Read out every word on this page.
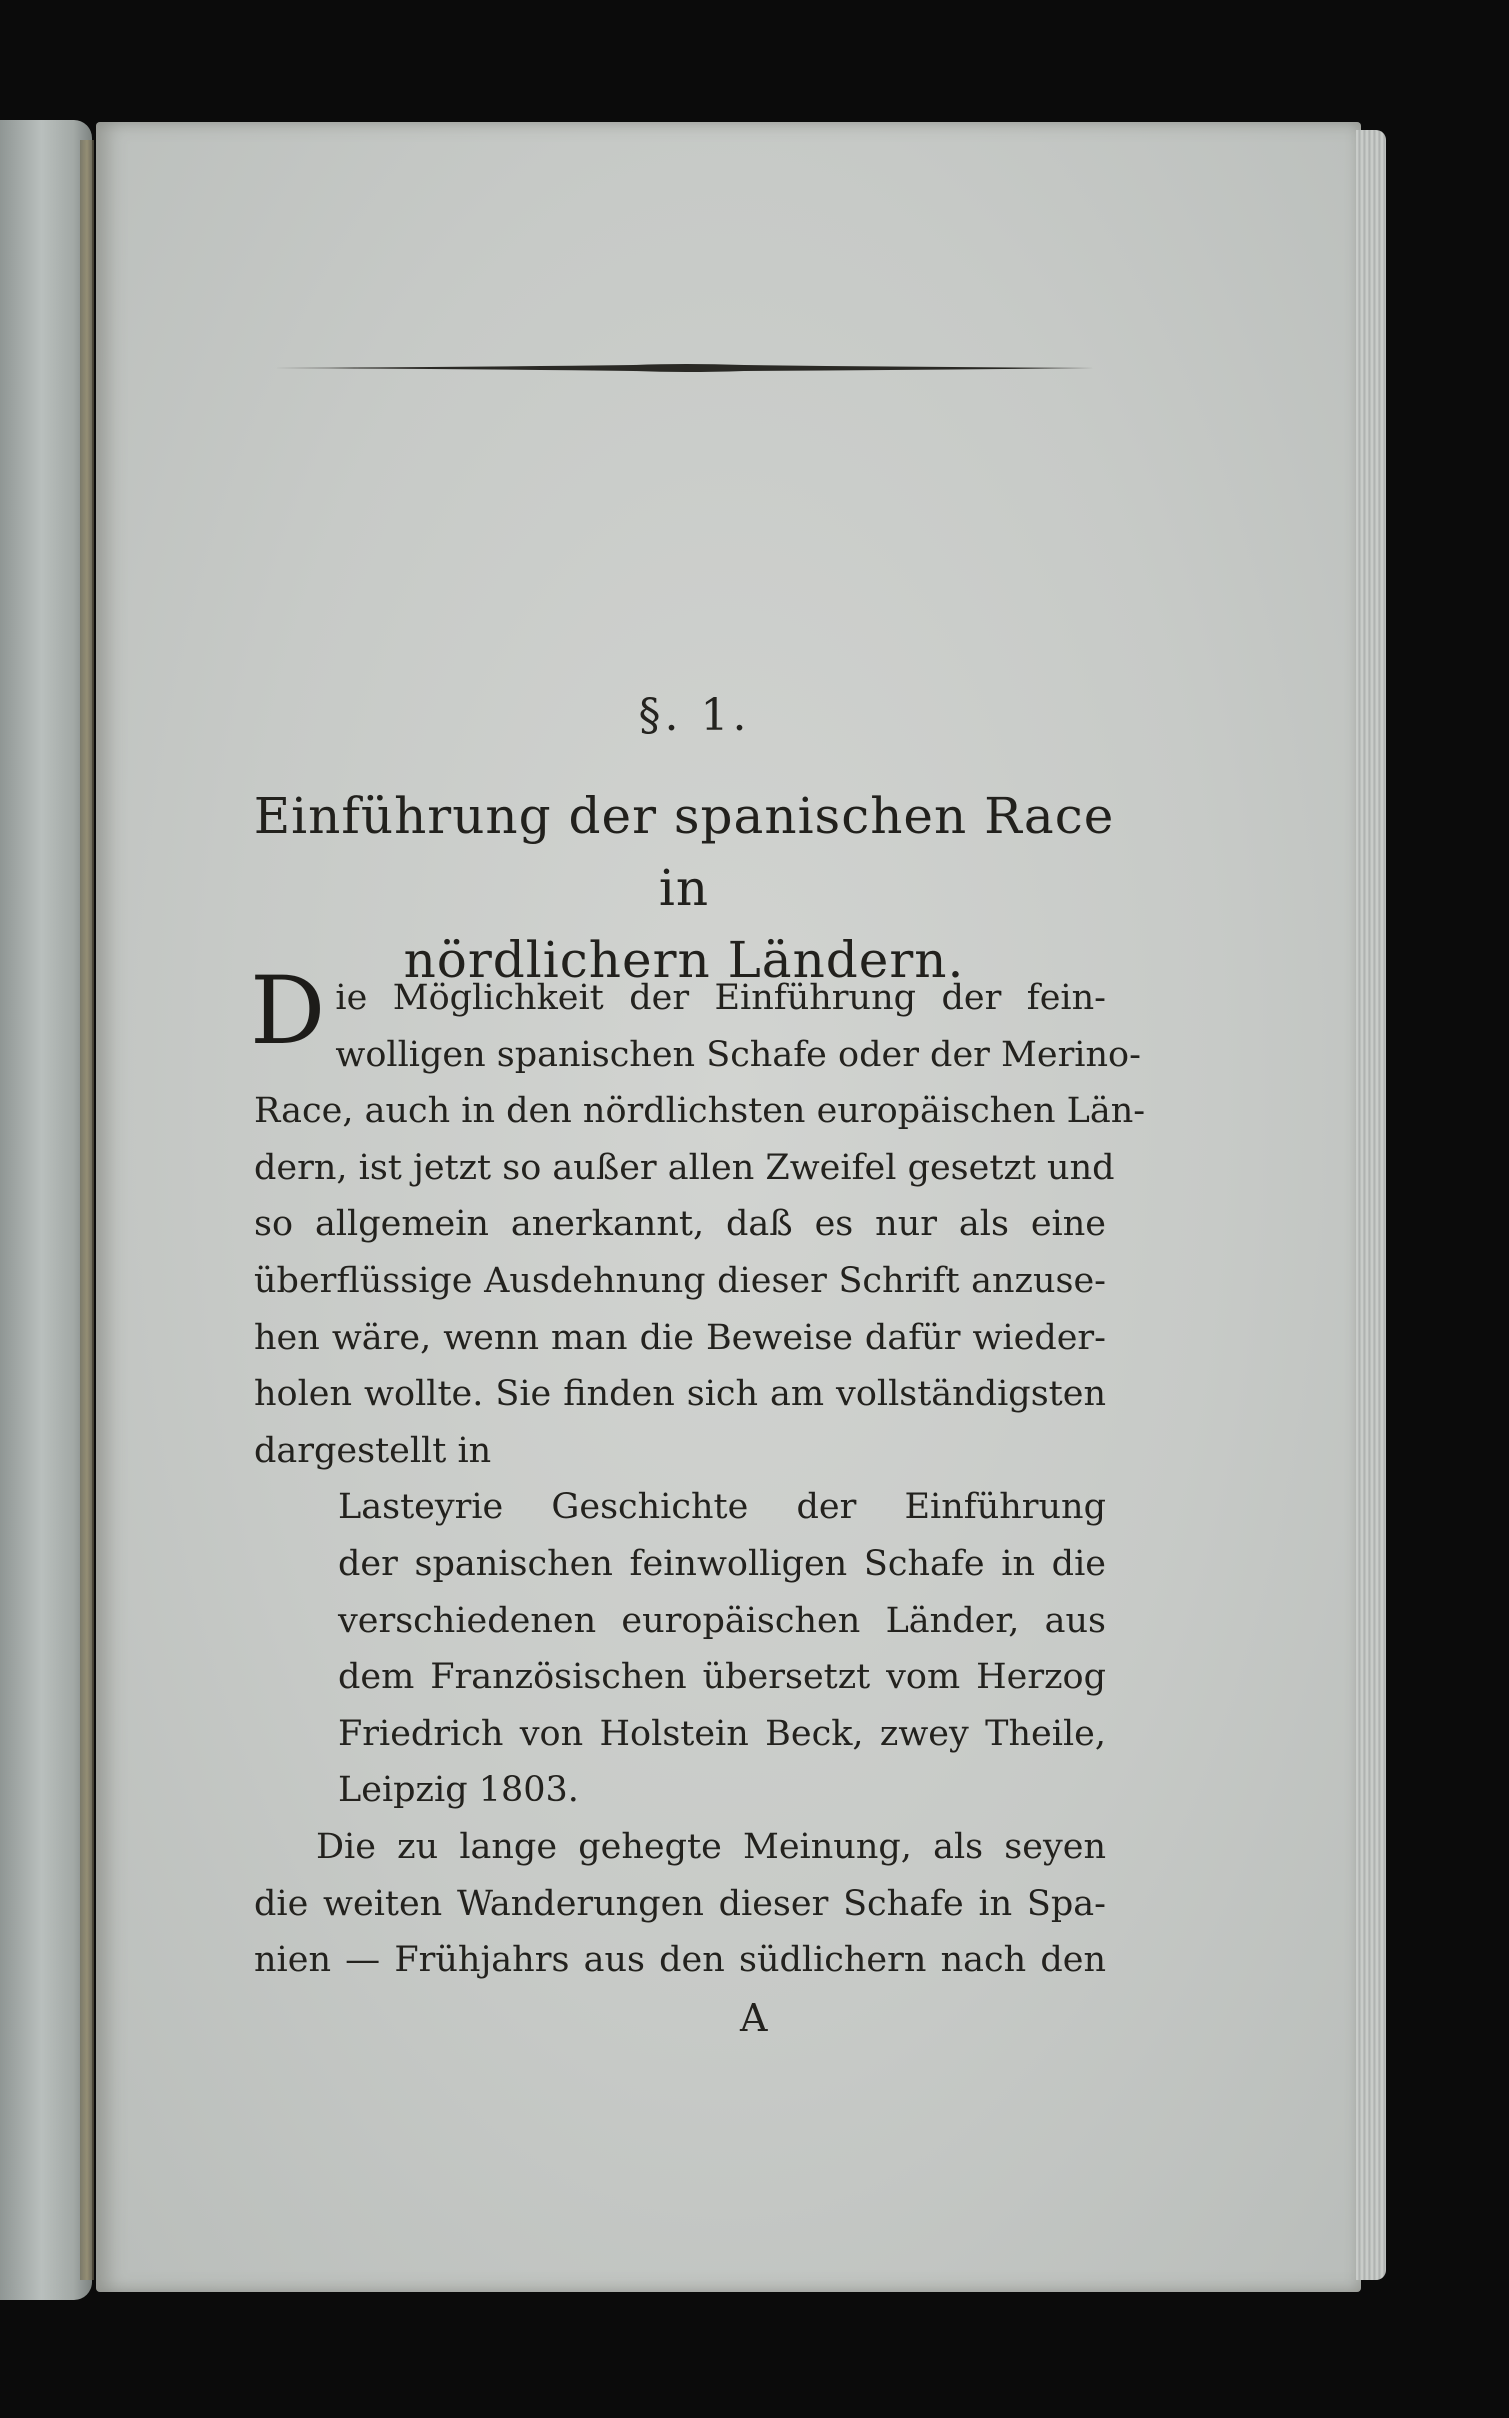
§. 1.
Einführung der spanischen Race in
nördlichern Ländern.
D ie Möglichkeit der Einführung der fein-
wolligen spanischen Schafe oder der Merino-
Race, auch in den nördlichsten europäischen Län-
dern, ist jetzt so außer allen Zweifel gesetzt und
so allgemein anerkannt, daß es nur als eine
überflüssige Ausdehnung dieser Schrift anzuse-
hen wäre, wenn man die Beweise dafür wieder-
holen wollte. Sie finden sich am vollständigsten
dargestellt in
Lasteyrie Geschichte der Einführung
der spanischen feinwolligen Schafe in die
verschiedenen europäischen Länder, aus
dem Französischen übersetzt vom Herzog
Friedrich von Holstein Beck, zwey Theile,
Leipzig 1803.
Die zu lange gehegte Meinung, als seyen
die weiten Wanderungen dieser Schafe in Spa-
nien — Frühjahrs aus den südlichern nach den
A
